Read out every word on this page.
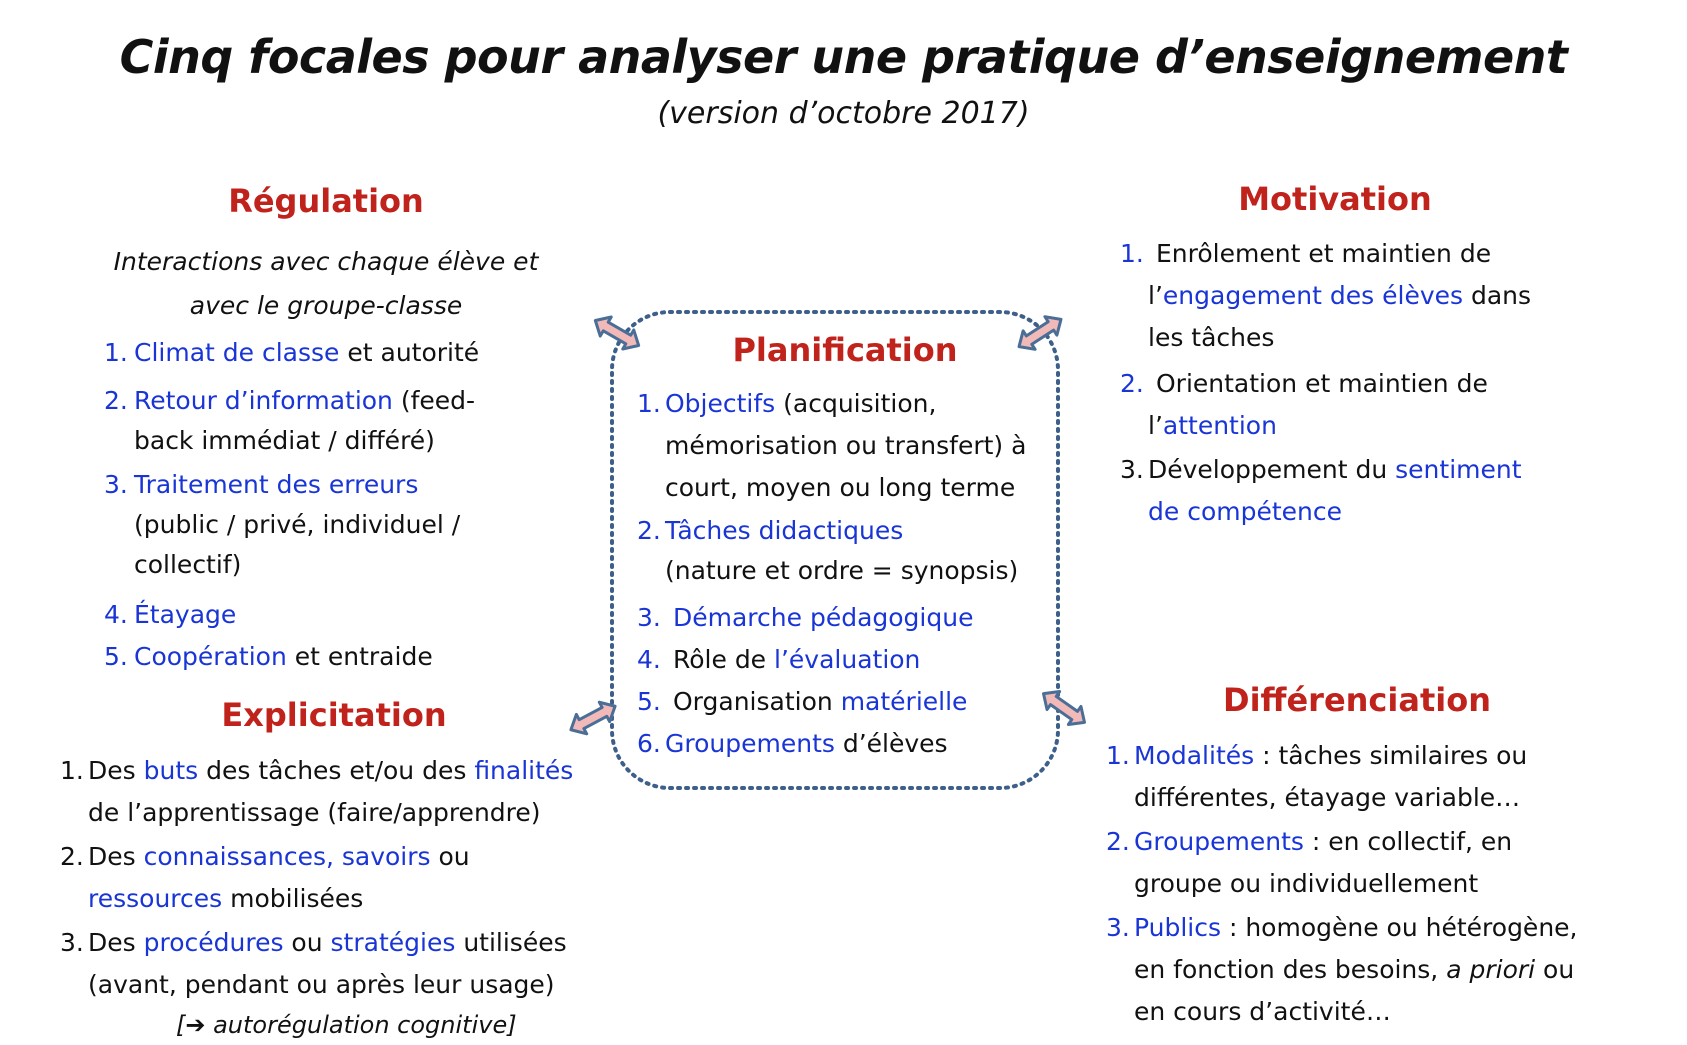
Cinq focales pour analyser une pratique d’enseignement
(version d’octobre 2017)
Régulation
Interactions avec chaque élève et
avec le groupe-classe
1. Climat de classe et autorité
2. Retour d’information (feed-
back immédiat / différé)
3. Traitement des erreurs
(public / privé, individuel /
collectif)
4. Étayage
5. Coopération et entraide
Explicitation
1. Des buts des tâches et/ou des finalités
de l’apprentissage (faire/apprendre)
2. Des connaissances, savoirs ou
ressources mobilisées
3. Des procédures ou stratégies utilisées
(avant, pendant ou après leur usage)
[➔ autorégulation cognitive]
Planification
1. Objectifs (acquisition,
mémorisation ou transfert) à
court, moyen ou long terme
2. Tâches didactiques
(nature et ordre = synopsis)
3. Démarche pédagogique
4. Rôle de l’évaluation
5. Organisation matérielle
6. Groupements d’élèves
Motivation
1. Enrôlement et maintien de
l’engagement des élèves dans
les tâches
2. Orientation et maintien de
l’attention
3. Développement du sentiment
de compétence
Différenciation
1. Modalités : tâches similaires ou
différentes, étayage variable…
2. Groupements : en collectif, en
groupe ou individuellement
3. Publics : homogène ou hétérogène,
en fonction des besoins, a priori ou
en cours d’activité…
